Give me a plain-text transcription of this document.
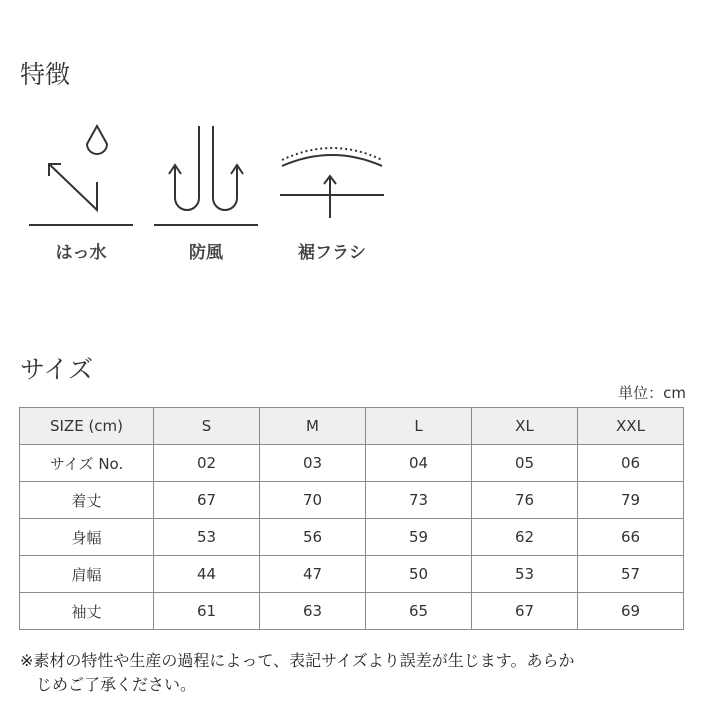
特徴
はっ水	防風	裾フラシ
サイズ
単位：cm
SIZE (cm)	S	M	L	XL	XXL
サイズ No.	02	03	04	05	06
着丈	67	70	73	76	79
身幅	53	56	59	62	66
肩幅	44	47	50	53	57
袖丈	61	63	65	67	69
※素材の特性や生産の過程によって、表記サイズより誤差が生じます。あらか
じめご了承ください。
